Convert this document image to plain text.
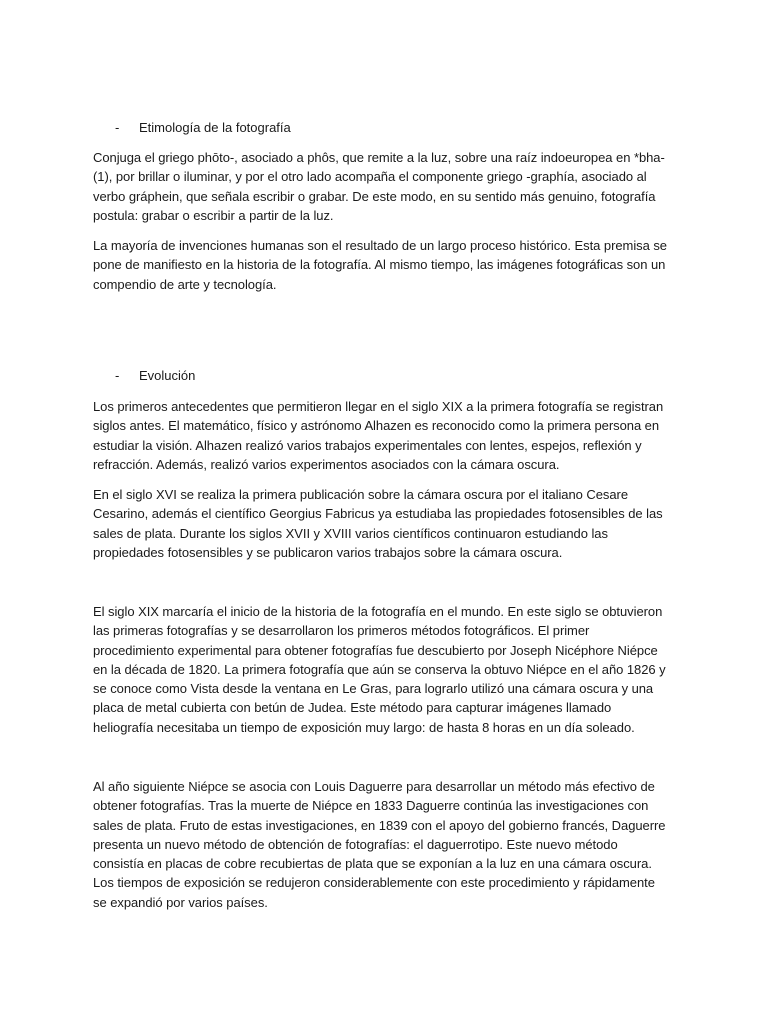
- Etimología de la fotografía
Conjuga el griego phōto-, asociado a phôs, que remite a la luz, sobre una raíz indoeuropea en *bha-(1), por brillar o iluminar, y por el otro lado acompaña el componente griego -graphía, asociado al verbo gráphein, que señala escribir o grabar. De este modo, en su sentido más genuino, fotografía postula: grabar o escribir a partir de la luz.
La mayoría de invenciones humanas son el resultado de un largo proceso histórico. Esta premisa se pone de manifiesto en la historia de la fotografía. Al mismo tiempo, las imágenes fotográficas son un compendio de arte y tecnología.
- Evolución
Los primeros antecedentes que permitieron llegar en el siglo XIX a la primera fotografía se registran siglos antes. El matemático, físico y astrónomo Alhazen es reconocido como la primera persona en estudiar la visión. Alhazen realizó varios trabajos experimentales con lentes, espejos, reflexión y refracción. Además, realizó varios experimentos asociados con la cámara oscura.
En el siglo XVI se realiza la primera publicación sobre la cámara oscura por el italiano Cesare Cesarino, además el científico Georgius Fabricus ya estudiaba las propiedades fotosensibles de las sales de plata. Durante los siglos XVII y XVIII varios científicos continuaron estudiando las propiedades fotosensibles y se publicaron varios trabajos sobre la cámara oscura.
El siglo XIX marcaría el inicio de la historia de la fotografía en el mundo. En este siglo se obtuvieron las primeras fotografías y se desarrollaron los primeros métodos fotográficos. El primer procedimiento experimental para obtener fotografías fue descubierto por Joseph Nicéphore Niépce en la década de 1820. La primera fotografía que aún se conserva la obtuvo Niépce en el año 1826 y se conoce como Vista desde la ventana en Le Gras, para lograrlo utilizó una cámara oscura y una placa de metal cubierta con betún de Judea. Este método para capturar imágenes llamado heliografía necesitaba un tiempo de exposición muy largo: de hasta 8 horas en un día soleado.
Al año siguiente Niépce se asocia con Louis Daguerre para desarrollar un método más efectivo de obtener fotografías. Tras la muerte de Niépce en 1833 Daguerre continúa las investigaciones con sales de plata. Fruto de estas investigaciones, en 1839 con el apoyo del gobierno francés, Daguerre presenta un nuevo método de obtención de fotografías: el daguerrotipo. Este nuevo método consistía en placas de cobre recubiertas de plata que se exponían a la luz en una cámara oscura. Los tiempos de exposición se redujeron considerablemente con este procedimiento y rápidamente se expandió por varios países.
